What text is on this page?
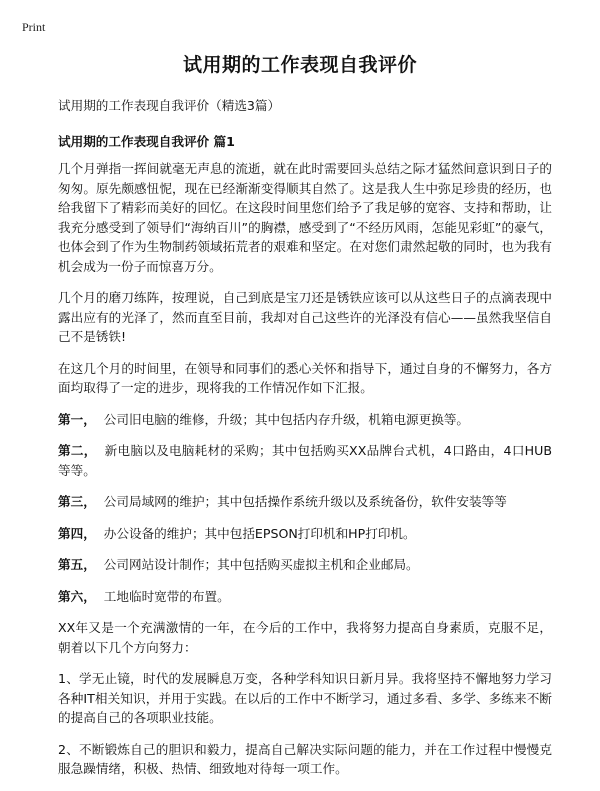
Print
试用期的工作表现自我评价

试用期的工作表现自我评价（精选3篇）

试用期的工作表现自我评价 篇1

几个月弹指一挥间就毫无声息的流逝，就在此时需要回头总结之际才猛然间意识到日子的匆匆。原先颇感忸怩，现在已经渐渐变得顺其自然了。这是我人生中弥足珍贵的经历，也给我留下了精彩而美好的回忆。在这段时间里您们给予了我足够的宽容、支持和帮助，让我充分感受到了领导们“海纳百川”的胸襟，感受到了“不经历风雨，怎能见彩虹”的豪气，也体会到了作为生物制药领域拓荒者的艰难和坚定。在对您们肃然起敬的同时，也为我有机会成为一份子而惊喜万分。

几个月的磨刀练阵，按理说，自己到底是宝刀还是锈铁应该可以从这些日子的点滴表现中露出应有的光泽了，然而直至目前，我却对自己这些许的光泽没有信心——虽然我坚信自己不是锈铁!

在这几个月的时间里，在领导和同事们的悉心关怀和指导下，通过自身的不懈努力，各方面均取得了一定的进步，现将我的工作情况作如下汇报。

第一， 公司旧电脑的维修，升级；其中包括内存升级，机箱电源更换等。

第二， 新电脑以及电脑耗材的采购；其中包括购买XX品牌台式机，4口路由，4口HUB等等。

第三， 公司局域网的维护；其中包括操作系统升级以及系统备份，软件安装等等

第四， 办公设备的维护；其中包括EPSON打印机和HP打印机。

第五， 公司网站设计制作；其中包括购买虚拟主机和企业邮局。

第六， 工地临时宽带的布置。

XX年又是一个充满激情的一年，在今后的工作中，我将努力提高自身素质，克服不足，朝着以下几个方向努力：

1、学无止镜，时代的发展瞬息万变，各种学科知识日新月异。我将坚持不懈地努力学习各种IT相关知识，并用于实践。在以后的工作中不断学习，通过多看、多学、多练来不断的提高自己的各项职业技能。

2、不断锻炼自己的胆识和毅力，提高自己解决实际问题的能力，并在工作过程中慢慢克服急躁情绪，积极、热情、细致地对待每一项工作。
